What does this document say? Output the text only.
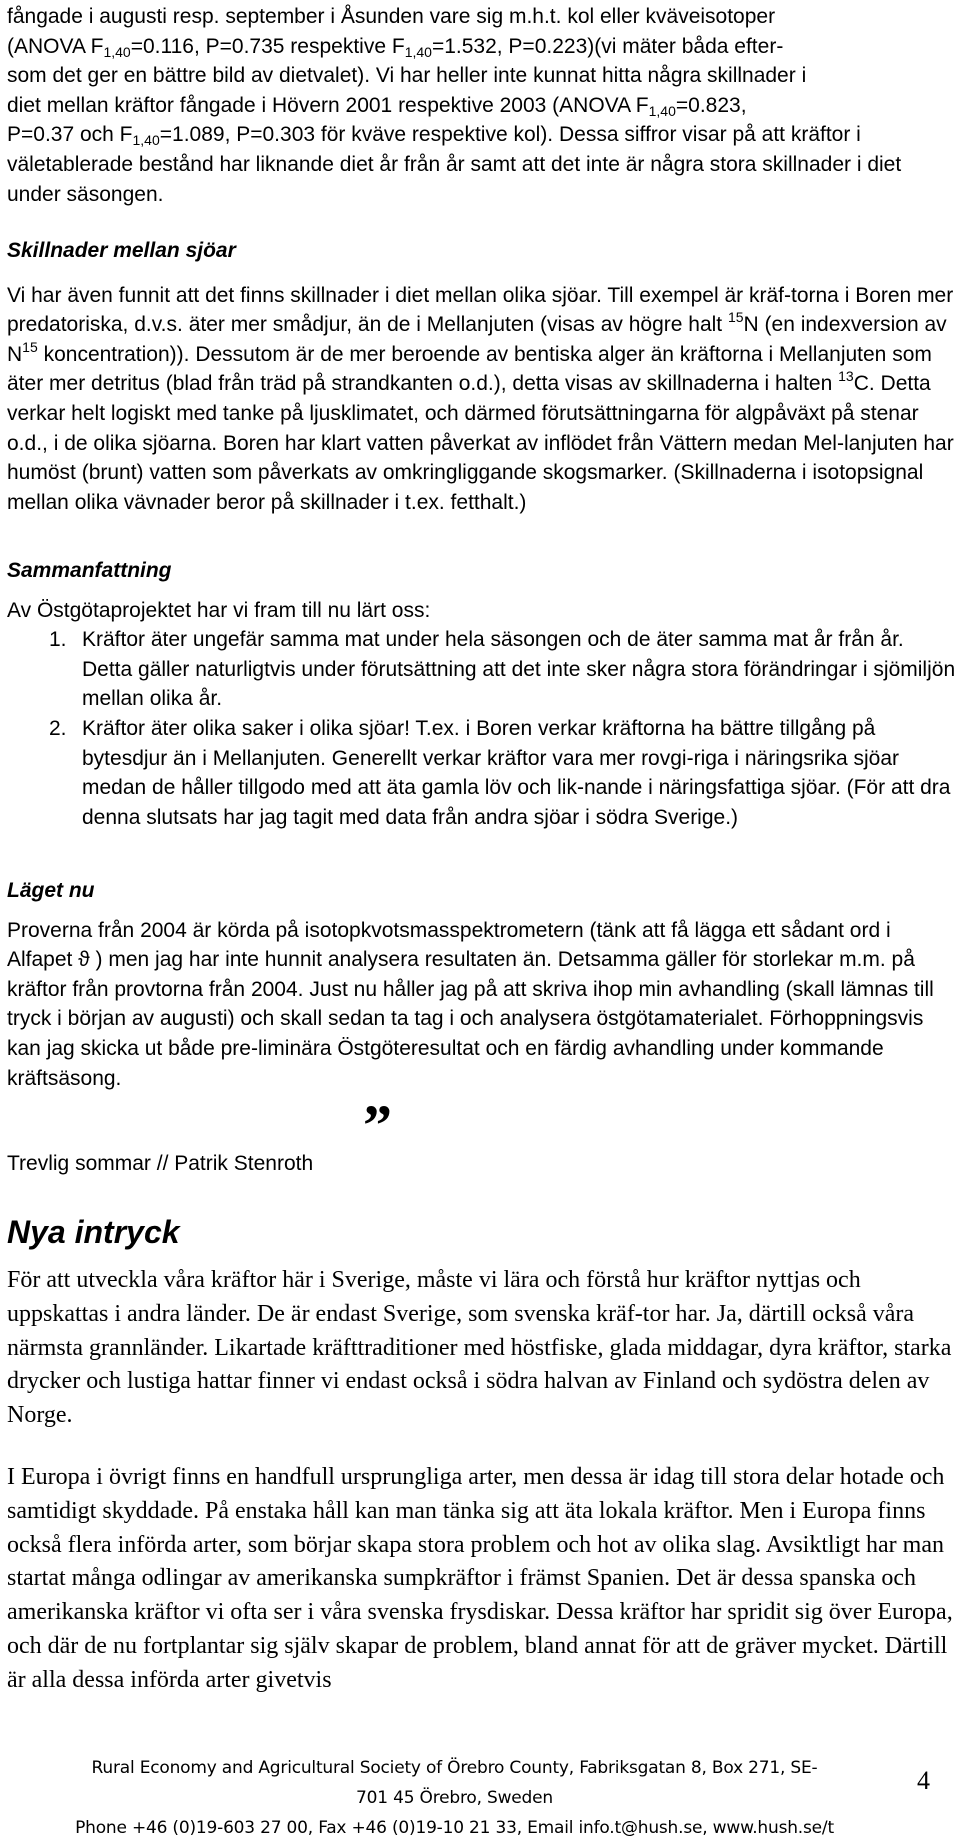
fångade i augusti resp. september i Åsunden vare sig m.h.t. kol eller kväveisotoper
(ANOVA $F_{1,40}=0.116$, P=0.735 respektive $F_{1,40}=1.532$, P=0.223)(vi mäter båda efter-
som det ger en bättre bild av dietvalet). Vi har heller inte kunnat hitta några skillnader i
diet mellan kräftor fångade i Hövern 2001 respektive 2003 (ANOVA $F_{1,40}=0.823$,
P=0.37 och $F_{1,40}=1.089$, P=0.303 för kväve respektive kol). Dessa siffror visar på att kräftor i väletablerade bestånd har liknande diet år från år samt att det inte är några stora skillnader i diet under säsongen.

Skillnader mellan sjöar

Vi har även funnit att det finns skillnader i diet mellan olika sjöar. Till exempel är kräf-torna i Boren mer predatoriska, d.v.s. äter mer smådjur, än de i Mellanjuten (visas av högre halt $^{15}$N (en indexversion av $N^{15}$ koncentration)). Dessutom är de mer beroende av bentiska alger än kräftorna i Mellanjuten som äter mer detritus (blad från träd på strandkanten o.d.), detta visas av skillnaderna i halten $^{13}$C. Detta verkar helt logiskt med tanke på ljusklimatet, och därmed förutsättningarna för algpåväxt på stenar o.d., i de olika sjöarna. Boren har klart vatten påverkat av inflödet från Vättern medan Mel-lanjuten har humöst (brunt) vatten som påverkats av omkringliggande skogsmarker. (Skillnaderna i isotopsignal mellan olika vävnader beror på skillnader i t.ex. fetthalt.)

Sammanfattning

Av Östgötaprojektet har vi fram till nu lärt oss:

1. Kräftor äter ungefär samma mat under hela säsongen och de äter samma mat år från år. Detta gäller naturligtvis under förutsättning att det inte sker några stora förändringar i sjömiljön mellan olika år.
2. Kräftor äter olika saker i olika sjöar! T.ex. i Boren verkar kräftorna ha bättre tillgång på bytesdjur än i Mellanjuten. Generellt verkar kräftor vara mer rovgi-riga i näringsrika sjöar medan de håller tillgodo med att äta gamla löv och lik-nande i näringsfattiga sjöar. (För att dra denna slutsats har jag tagit med data från andra sjöar i södra Sverige.)

Läget nu

Proverna från 2004 är körda på isotopkvotsmasspektrometern (tänk att få lägga ett sådant ord i Alfapet ϑ ) men jag har inte hunnit analysera resultaten än. Detsamma gäller för storlekar m.m. på kräftor från provtorna från 2004. Just nu håller jag på att skriva ihop min avhandling (skall lämnas till tryck i början av augusti) och skall sedan ta tag i och analysera östgötamaterialet. Förhoppningsvis kan jag skicka ut både pre-liminära Östgöteresultat och en färdig avhandling under kommande kräftsäsong.

Trevlig sommar // Patrik Stenroth
”

Nya intryck

För att utveckla våra kräftor här i Sverige, måste vi lära och förstå hur kräftor nyttjas och uppskattas i andra länder. De är endast Sverige, som svenska kräf-tor har. Ja, därtill också våra närmsta grannländer. Likartade kräfttraditioner med höstfiske, glada middagar, dyra kräftor, starka drycker och lustiga hattar finner vi endast också i södra halvan av Finland och sydöstra delen av Norge.

I Europa i övrigt finns en handfull ursprungliga arter, men dessa är idag till stora delar hotade och samtidigt skyddade. På enstaka håll kan man tänka sig att äta lokala kräftor. Men i Europa finns också flera införda arter, som börjar skapa stora problem och hot av olika slag. Avsiktligt har man startat många odlingar av amerikanska sumpkräftor i främst Spanien. Det är dessa spanska och amerikanska kräftor vi ofta ser i våra svenska frysdiskar. Dessa kräftor har spridit sig över Europa, och där de nu fortplantar sig själv skapar de problem, bland annat för att de gräver mycket. Därtill är alla dessa införda arter givetvis

Rural Economy and Agricultural Society of Örebro County, Fabriksgatan 8, Box 271, SE-
701 45 Örebro, Sweden
Phone +46 (0)19-603 27 00, Fax +46 (0)19-10 21 33, Email info.t@hush.se, www.hush.se/t
4
